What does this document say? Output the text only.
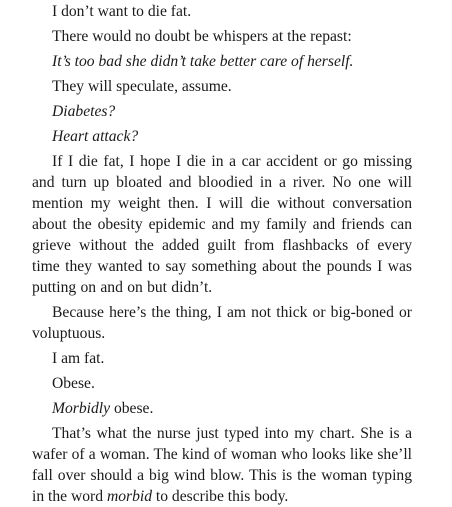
I don’t want to die fat.

There would no doubt be whispers at the repast:

It’s too bad she didn’t take better care of herself.

They will speculate, assume.

Diabetes?

Heart attack?

If I die fat, I hope I die in a car accident or go missing and turn up bloated and bloodied in a river. No one will mention my weight then. I will die without conversation about the obesity epidemic and my family and friends can grieve without the added guilt from flashbacks of every time they wanted to say something about the pounds I was putting on and on but didn’t.

Because here’s the thing, I am not thick or big-boned or voluptuous.

I am fat.

Obese.

Morbidly obese.

That’s what the nurse just typed into my chart. She is a wafer of a woman. The kind of woman who looks like she’ll fall over should a big wind blow. This is the woman typing in the word morbid to describe this body.
